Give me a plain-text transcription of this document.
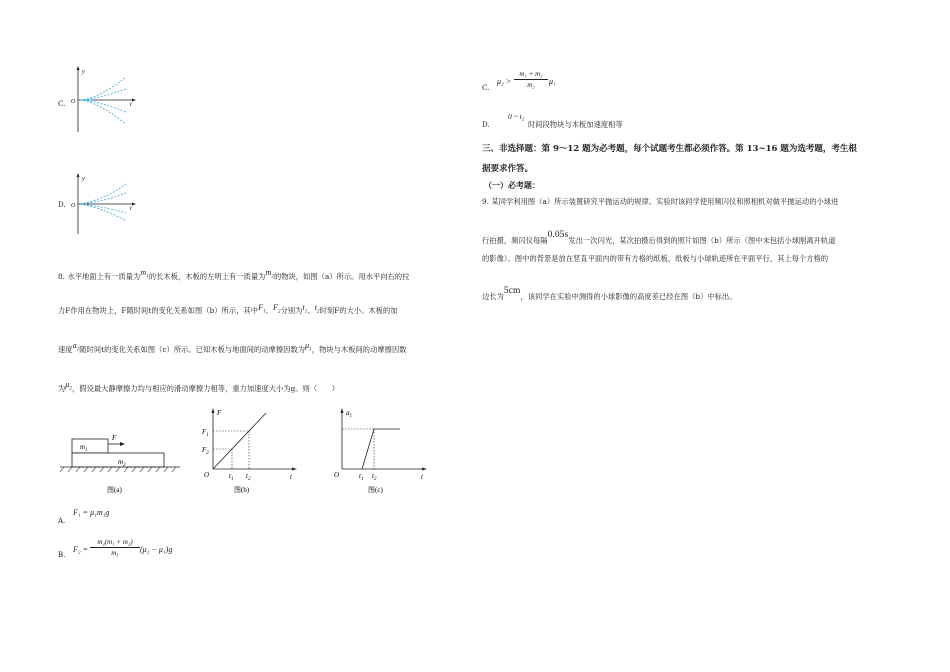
C.
y
t
O
D.
y
t
O
8. 水平地面上有一质量为$m_1$的长木板，木板的左明上有一质量为$m_2$的物块，如图（a）所示。用水平向右的拉
力F作用在物块上，F随时间t的变化关系如图（b）所示，其中$F_1$、$F_2$分别为$t_1$、$t_2$时刻F的大小。木板的加
速度$a_1$随时间t的变化关系如图（c）所示。已知木板与地面间的动摩擦因数为$\mu_1$，物块与木板间的动摩擦因数
为$\mu_2$，假设最大静摩擦力均与相应的滑动摩擦力相等，重力加速度大小为g。则（　　）
$m_1$
F
$m_2$
图(a)
F
t
O
$F_1$
$F_2$
$t_1$ $t_2$
图(b)
$a_1$
t
O	$t_1$ $t_2$
图(c)
A.
F₁ = μ₁m₁g
B.
$F_2 = \frac{\text{m₂(m₁ + m₂)}}{\text{m₁}} (\mu_2 - \mu_1)g$
C.
$\mu_2 > \frac{\text{m₁ + m₂}}{\text{m₂}} \mu_1$
D.
0 ~ t₂
时间段物块与木板加速度相等
三、非选择题：第 9～12 题为必考题，每个试题考生都必须作答。第 13~16 题为选考题，考生根
据要求作答。
（一）必考题：
9. 某同学利用图（a）所示装置研究平抛运动的规律。实验时该同学使用频闪仪和照相机对做平抛运动的小球进
行拍摄，频闪仪每隔0.05s发出一次闪光，某次拍摄后得到的照片如图（b）所示（图中未包括小球刚离开轨道
的影像）。图中的背景是放在竖直平面内的带有方格的纸板，纸板与小球轨迹所在平面平行，其上每个方格的
边长为5cm，该同学在实验中测得的小球影像的高度差已经在图（b）中标出。
